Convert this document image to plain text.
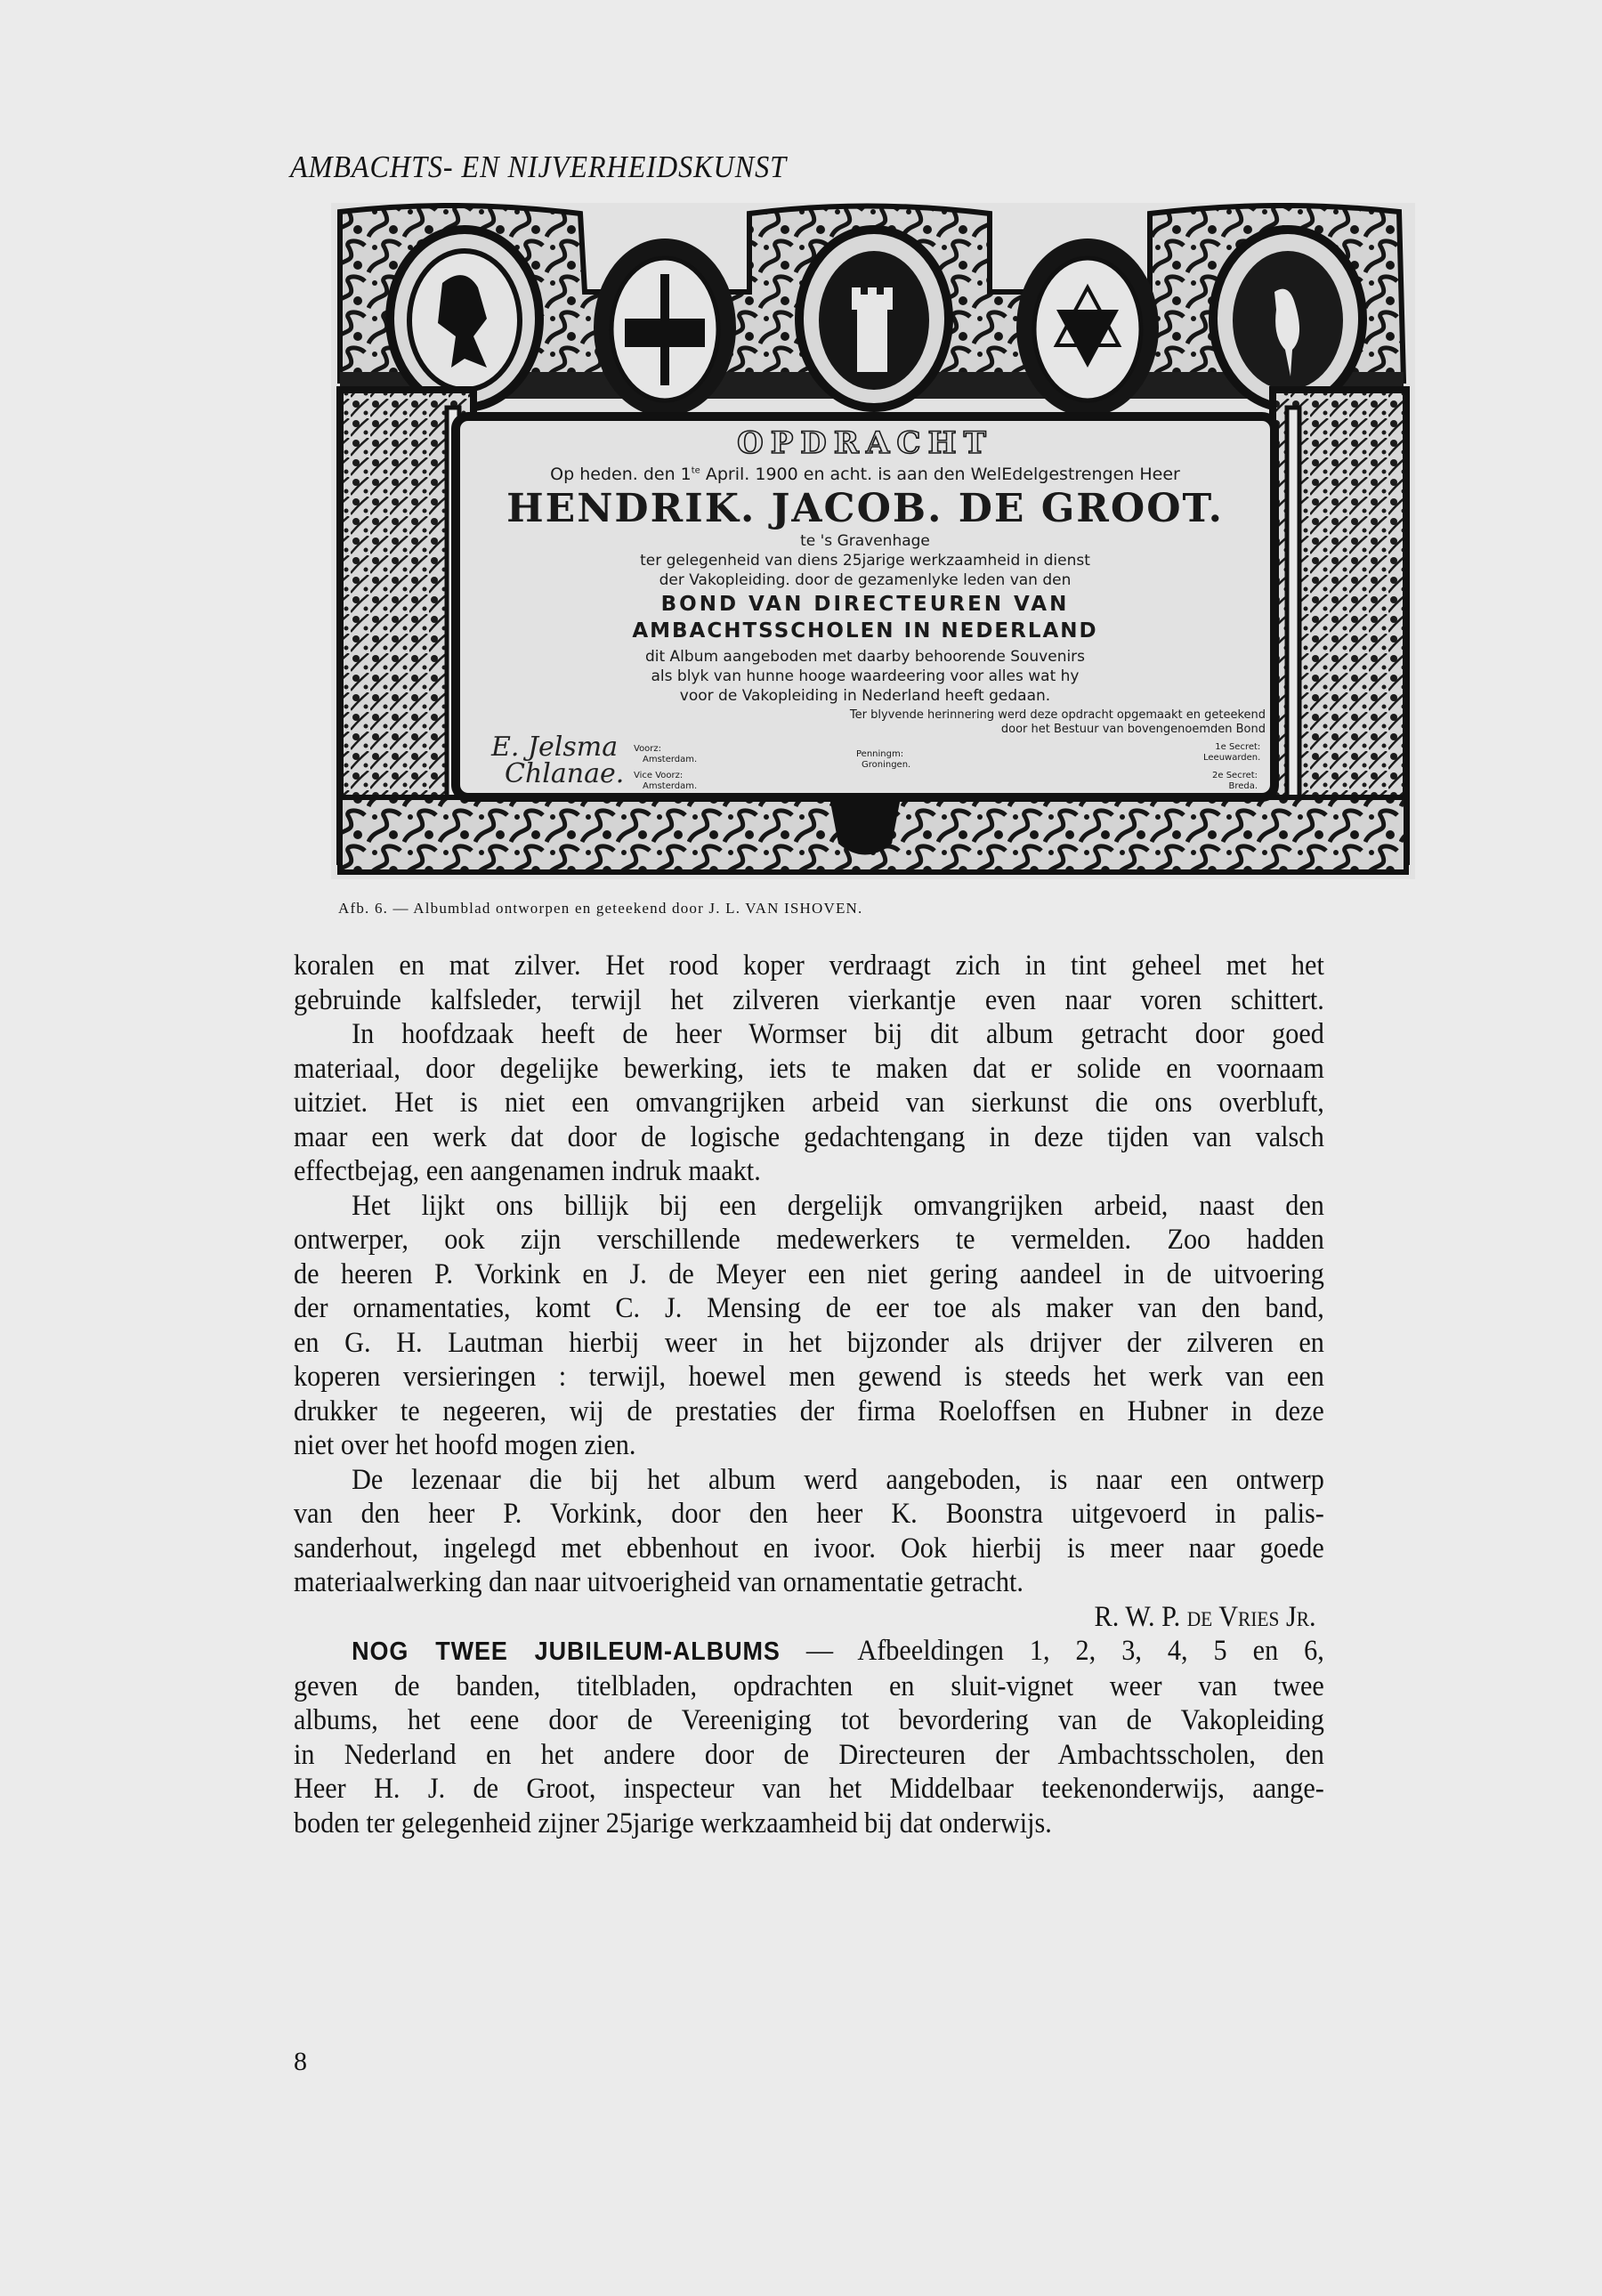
AMBACHTS- EN NIJVERHEIDSKUNST
OPDRACHT
Op heden. den $1^{te}$ April. 1900 en acht. is aan den WelEdelgestrengen Heer
HENDRIK. JACOB. DE GROOT.
te 's Gravenhage
ter gelegenheid van diens 25jarige werkzaamheid in dienst
der Vakopleiding. door de gezamenlyke leden van den
BOND VAN DIRECTEUREN VAN
AMBACHTSSCHOLEN IN NEDERLAND
dit Album aangeboden met daarby behoorende Souvenirs
als blyk van hunne hooge waardeering voor alles wat hy
voor de Vakopleiding in Nederland heeft gedaan.
Ter blyvende herinnering werd deze opdracht opgemaakt en geteekend
door het Bestuur van bovengenoemden Bond
E. Jelsma
Chlanae.
Voorz:
Amsterdam.
Vice Voorz:
Amsterdam.
Penningm:
Groningen.
1e Secret:
Leeuwarden.
2e Secret:
Breda.
Afb. 6. — Albumblad ontworpen en geteekend door J. L. VAN ISHOVEN.

koralen en mat zilver. Het rood koper verdraagt zich in tint geheel met het

gebruinde kalfsleder, terwijl het zilveren vierkantje even naar voren schittert.

In hoofdzaak heeft de heer Wormser bij dit album getracht door goed

materiaal, door degelijke bewerking, iets te maken dat er solide en voornaam

uitziet. Het is niet een omvangrijken arbeid van sierkunst die ons overbluft,

maar een werk dat door de logische gedachtengang in deze tijden van valsch

effectbejag, een aangenamen indruk maakt.

Het lijkt ons billijk bij een dergelijk omvangrijken arbeid, naast den

ontwerper, ook zijn verschillende medewerkers te vermelden. Zoo hadden

de heeren P. Vorkink en J. de Meyer een niet gering aandeel in de uitvoering

der ornamentaties, komt C. J. Mensing de eer toe als maker van den band,

en G. H. Lautman hierbij weer in het bijzonder als drijver der zilveren en

koperen versieringen : terwijl, hoewel men gewend is steeds het werk van een

drukker te negeeren, wij de prestaties der firma Roeloffsen en Hubner in deze

niet over het hoofd mogen zien.

De lezenaar die bij het album werd aangeboden, is naar een ontwerp

van den heer P. Vorkink, door den heer K. Boonstra uitgevoerd in palis-

sanderhout, ingelegd met ebbenhout en ivoor. Ook hierbij is meer naar goede

materiaalwerking dan naar uitvoerigheid van ornamentatie getracht.

R. W. P. de Vries Jr.

NOG TWEE JUBILEUM-ALBUMS — Afbeeldingen 1, 2, 3, 4, 5 en 6,

geven de banden, titelbladen, opdrachten en sluit-vignet weer van twee

albums, het eene door de Vereeniging tot bevordering van de Vakopleiding

in Nederland en het andere door de Directeuren der Ambachtsscholen, den

Heer H. J. de Groot, inspecteur van het Middelbaar teekenonderwijs, aange-

boden ter gelegenheid zijner 25jarige werkzaamheid bij dat onderwijs.

8
